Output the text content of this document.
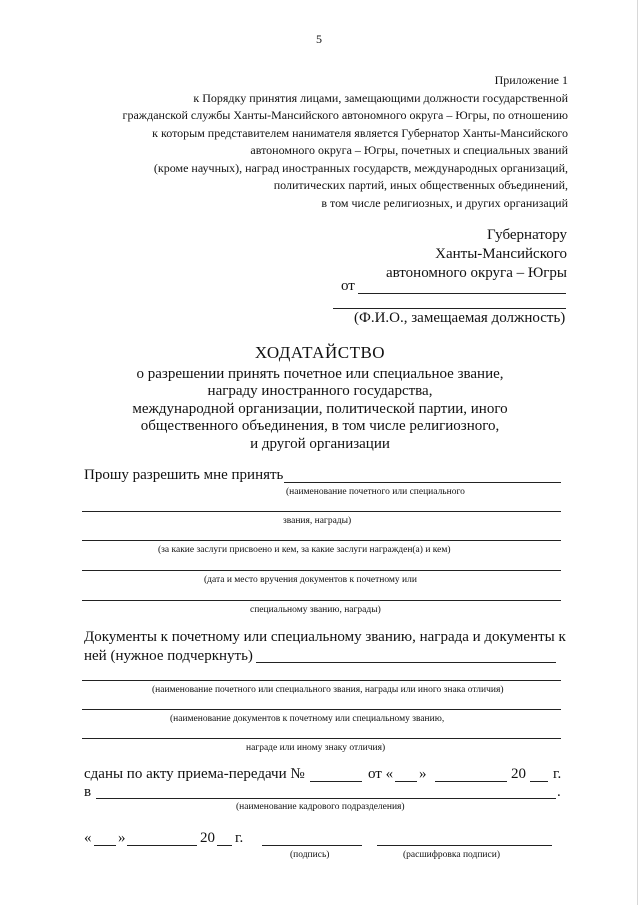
5
Приложение 1
к Порядку принятия лицами, замещающими должности государственной
гражданской службы Ханты-Мансийского автономного округа – Югры, по отношению
к которым представителем нанимателя является Губернатор Ханты-Мансийского
автономного округа – Югры, почетных и специальных званий
(кроме научных), наград иностранных государств, международных организаций,
политических партий, иных общественных объединений,
в том числе религиозных, и других организаций
Губернатору
Ханты-Мансийского
автономного округа – Югры
от
(Ф.И.О., замещаемая должность)
ХОДАТАЙСТВО
о разрешении принять почетное или специальное звание,
награду иностранного государства,
международной организации, политической партии, иного
общественного объединения, в том числе религиозного,
и другой организации
Прошу разрешить мне принять
(наименование почетного или специального
звания, награды)
(за какие заслуги присвоено и кем, за какие заслуги награжден(а) и кем)
(дата и место вручения документов к почетному или
специальному званию, награды)
Документы к почетному или специальному званию, награда и документы к
ней (нужное подчеркнуть)
(наименование почетного или специального звания, награды или иного знака отличия)
(наименование документов к почетному или специальному званию,
награде или иному знаку отличия)
сданы по акту приема-передачи №	от « »	20 г.
в	.
(наименование кадрового подразделения)
« »	20 г.
(подпись)	(расшифровка подписи)
